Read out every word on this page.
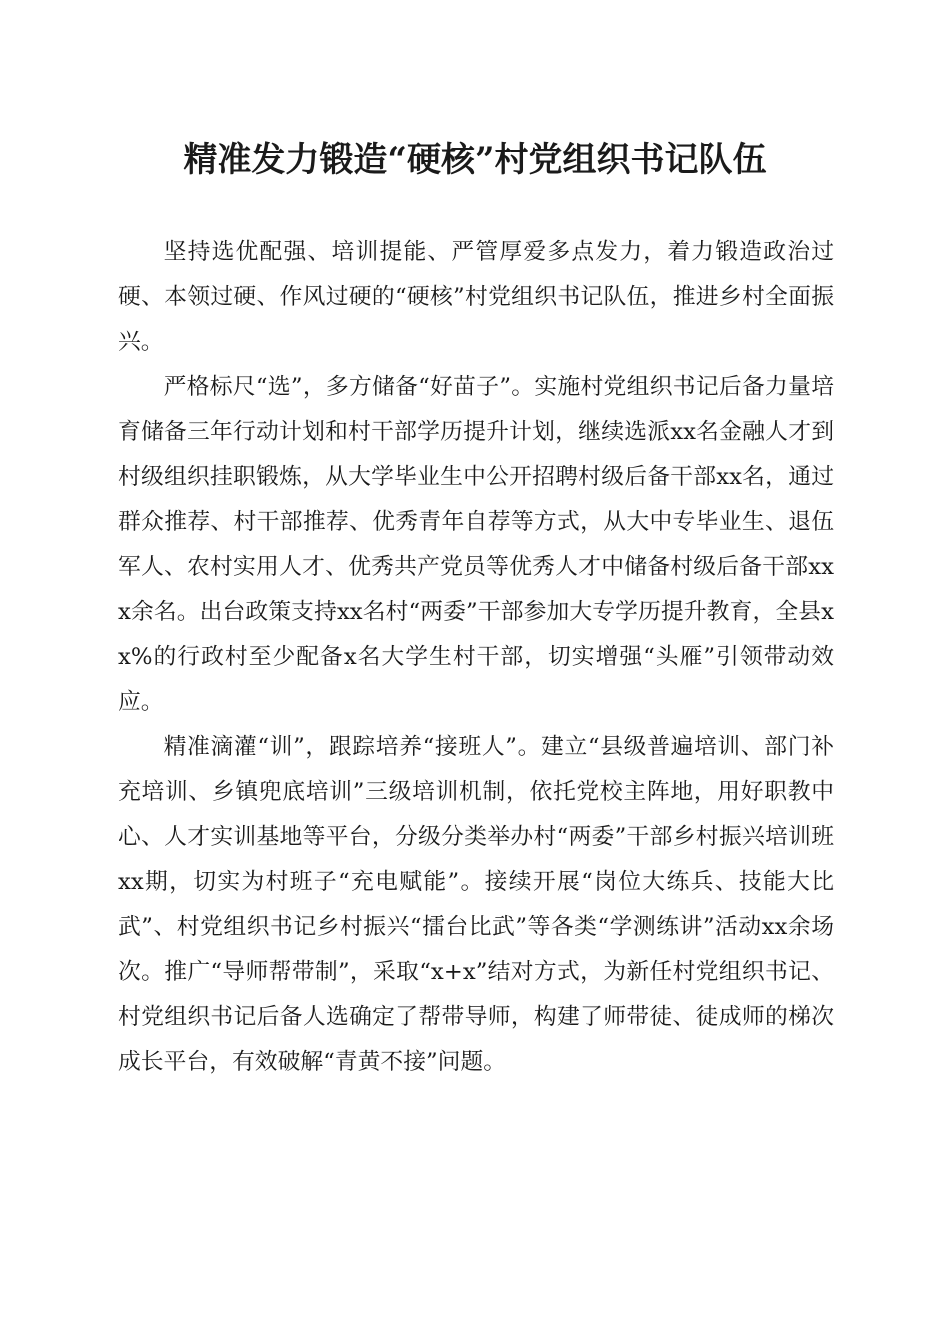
精准发力锻造“硬核”村党组织书记队伍

坚持选优配强、培训提能、严管厚爱多点发力，着力锻造政治过硬、本领过硬、作风过硬的“硬核”村党组织书记队伍，推进乡村全面振兴。

严格标尺“选”，多方储备“好苗子”。实施村党组织书记后备力量培育储备三年行动计划和村干部学历提升计划，继续选派xx名金融人才到村级组织挂职锻炼，从大学毕业生中公开招聘村级后备干部xx名，通过群众推荐、村干部推荐、优秀青年自荐等方式，从大中专毕业生、退伍军人、农村实用人才、优秀共产党员等优秀人才中储备村级后备干部xxx余名。出台政策支持xx名村“两委”干部参加大专学历提升教育，全县xx%的行政村至少配备x名大学生村干部，切实增强“头雁”引领带动效应。

精准滴灌“训”，跟踪培养“接班人”。建立“县级普遍培训、部门补充培训、乡镇兜底培训”三级培训机制，依托党校主阵地，用好职教中心、人才实训基地等平台，分级分类举办村“两委”干部乡村振兴培训班xx期，切实为村班子“充电赋能”。接续开展“岗位大练兵、技能大比武”、村党组织书记乡村振兴“擂台比武”等各类“学测练讲”活动xx余场次。推广“导师帮带制”，采取“x+x”结对方式，为新任村党组织书记、村党组织书记后备人选确定了帮带导师，构建了师带徒、徒成师的梯次成长平台，有效破解“青黄不接”问题。
